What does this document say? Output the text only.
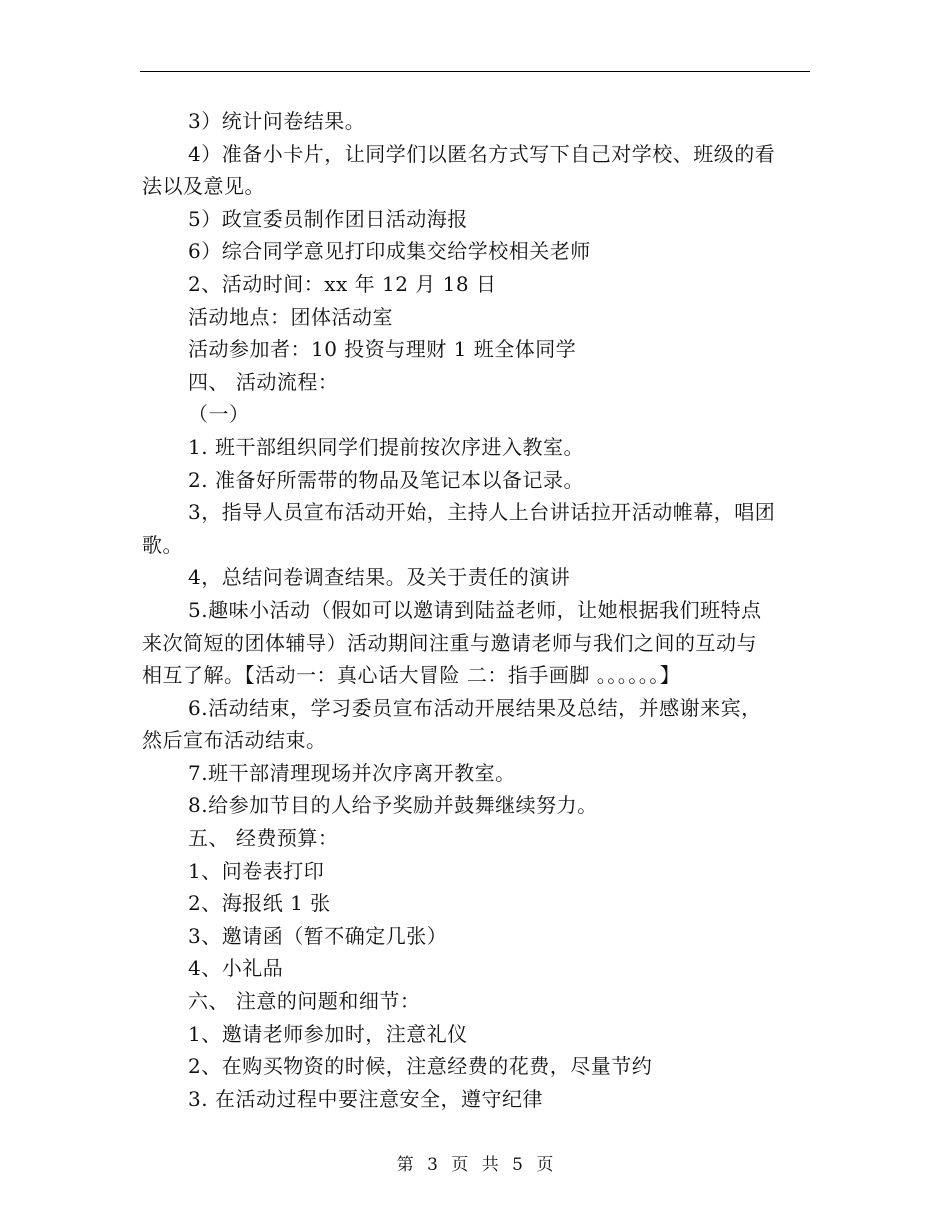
3）统计问卷结果。
4）准备小卡片，让同学们以匿名方式写下自己对学校、班级的看
法以及意见。
5）政宣委员制作团日活动海报
6）综合同学意见打印成集交给学校相关老师
2、活动时间：xx 年 12 月 18 日
活动地点：团体活动室
活动参加者：10 投资与理财 1 班全体同学
四、 活动流程：
（一）
1. 班干部组织同学们提前按次序进入教室。
2. 准备好所需带的物品及笔记本以备记录。
3，指导人员宣布活动开始，主持人上台讲话拉开活动帷幕，唱团
歌。
4，总结问卷调查结果。及关于责任的演讲
5.趣味小活动（假如可以邀请到陆益老师，让她根据我们班特点
来次简短的团体辅导）活动期间注重与邀请老师与我们之间的互动与
相互了解。【活动一：真心话大冒险 二：指手画脚 。。。。。。】
6.活动结束，学习委员宣布活动开展结果及总结，并感谢来宾，
然后宣布活动结束。
7.班干部清理现场并次序离开教室。
8.给参加节目的人给予奖励并鼓舞继续努力。
五、 经费预算：
1、问卷表打印
2、海报纸 1 张
3、邀请函（暂不确定几张）
4、小礼品
六、 注意的问题和细节：
1、邀请老师参加时，注意礼仪
2、在购买物资的时候，注意经费的花费，尽量节约
3. 在活动过程中要注意安全，遵守纪律
第 3 页 共 5 页
